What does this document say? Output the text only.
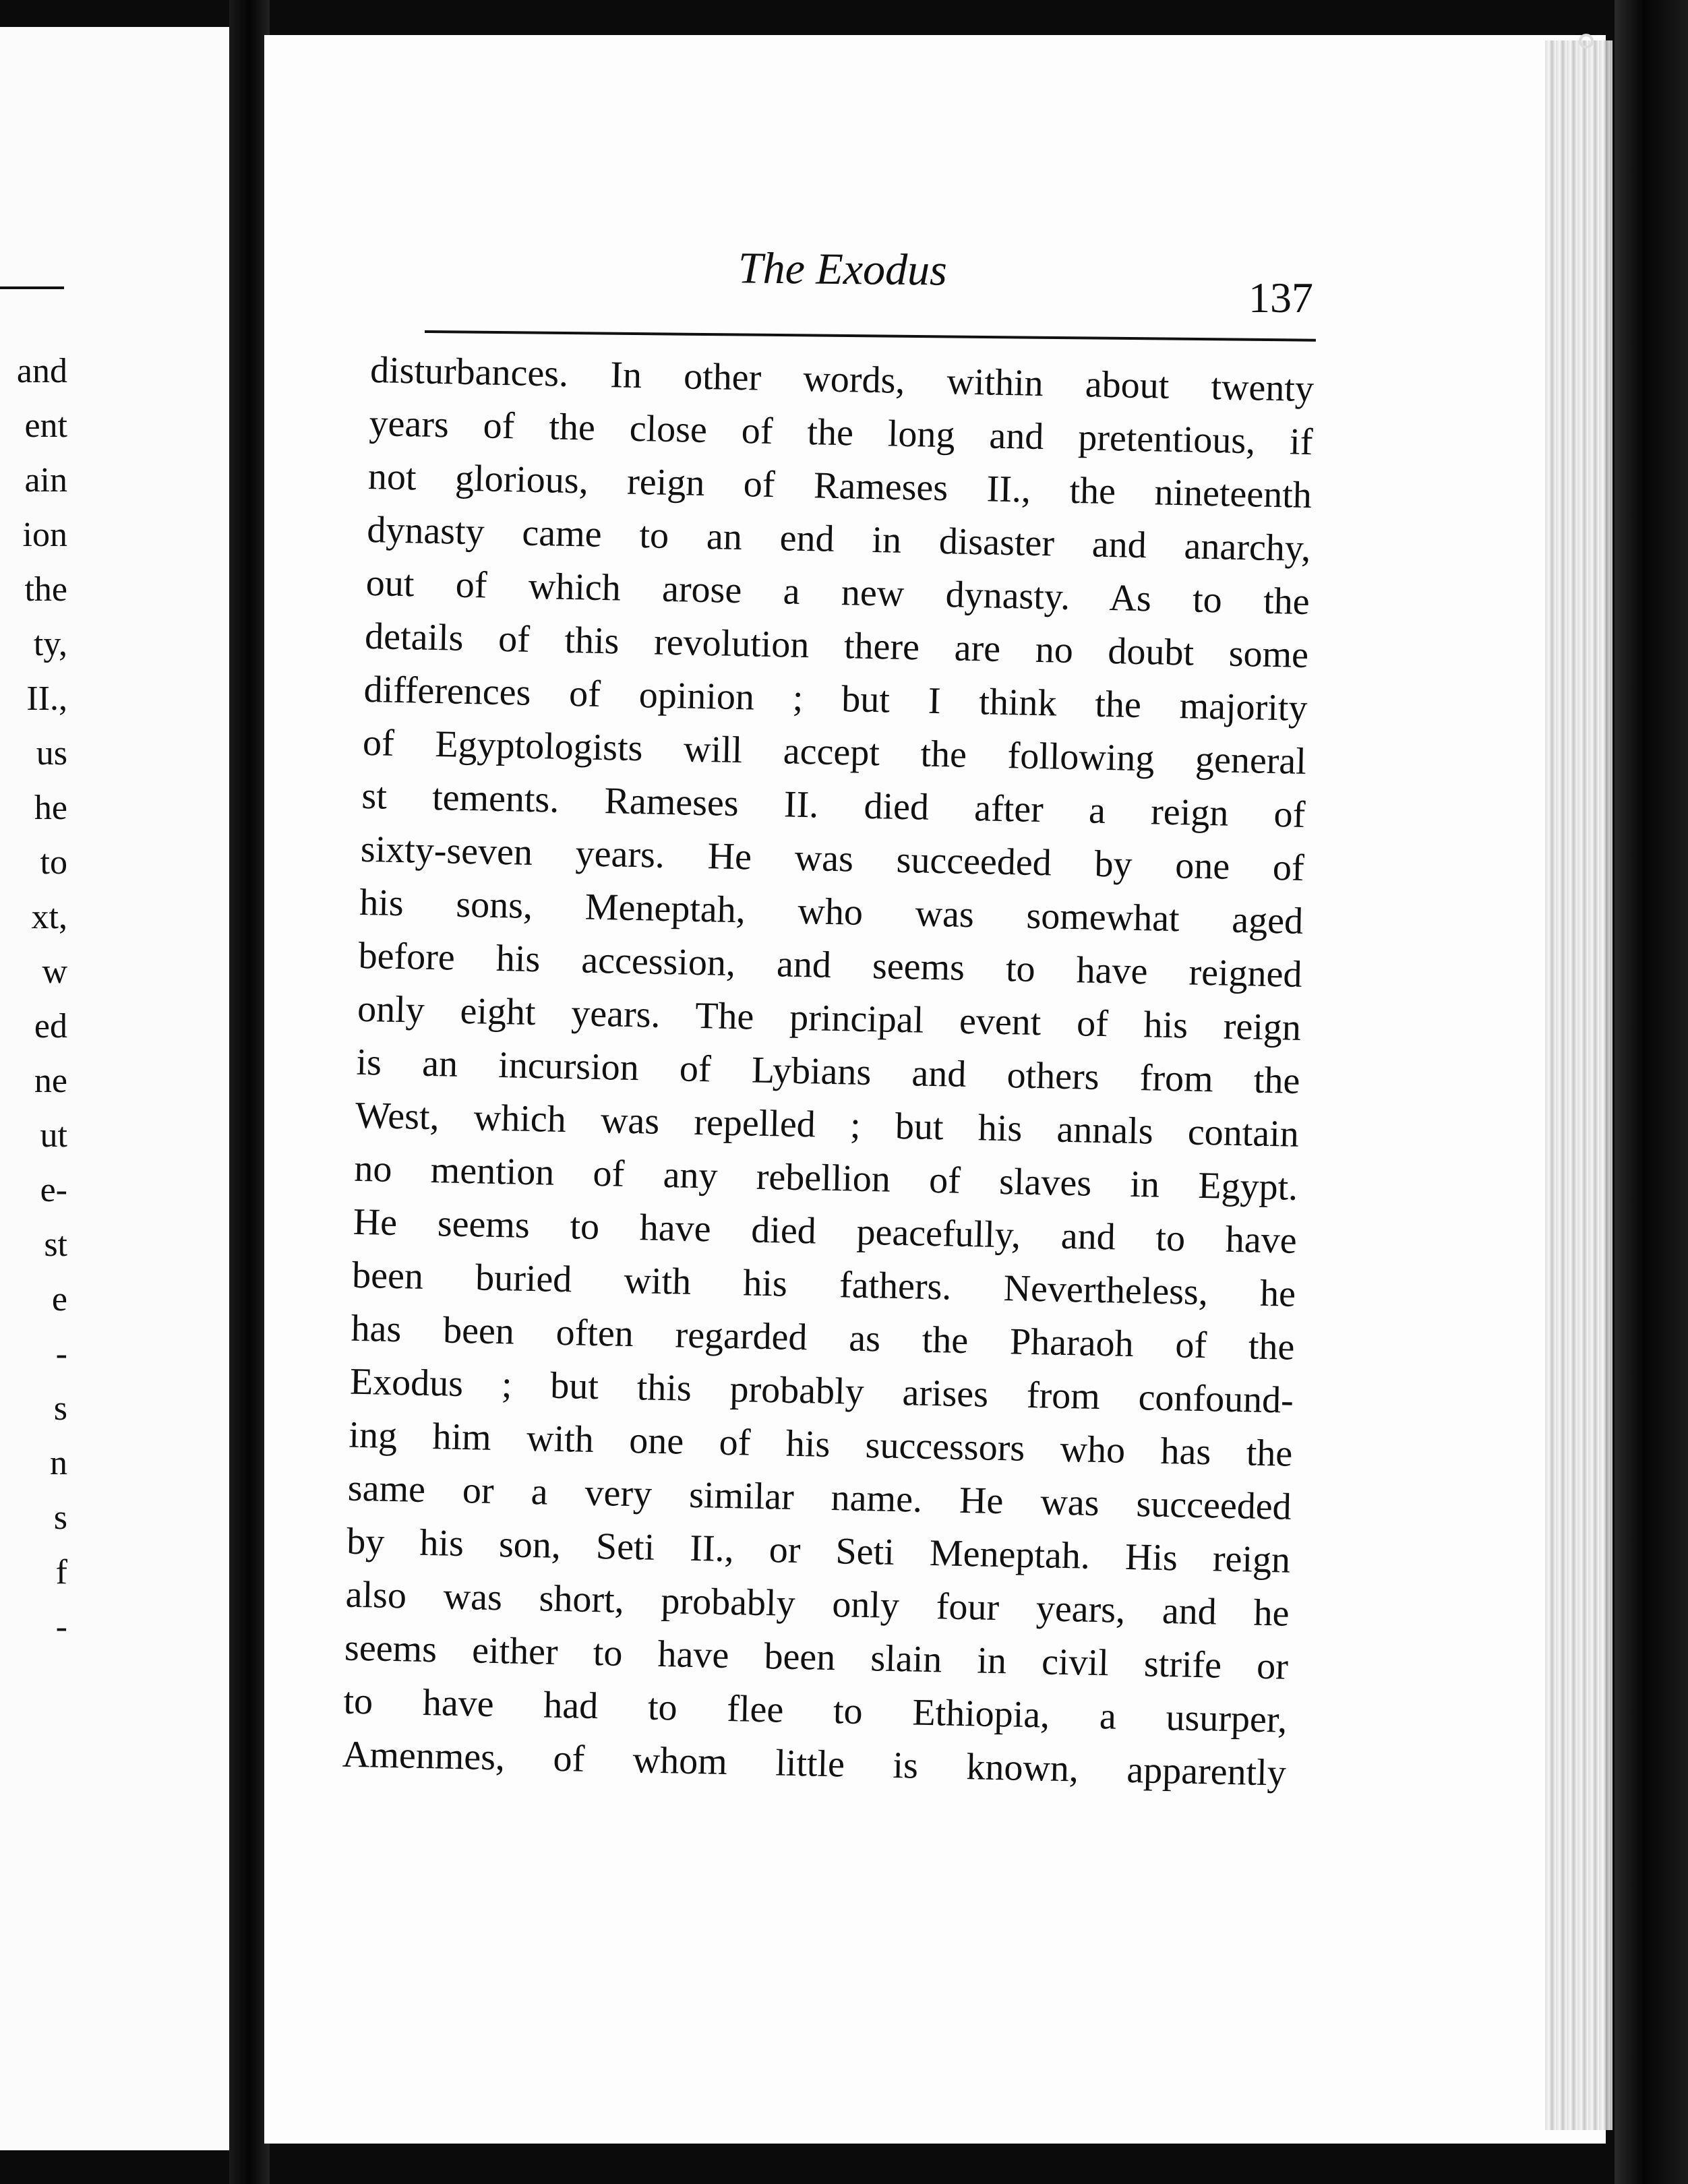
and
ent
ain
ion
the
ty,
II.,
us
he
to
xt,
w
ed
ne
ut
e-
st
e
-
s
n
s
f
-
The Exodus
137
disturbances. In other words, within about twenty
years of the close of the long and pretentious, if
not glorious, reign of Rameses II., the nineteenth
dynasty came to an end in disaster and anarchy,
out of which arose a new dynasty. As to the
details of this revolution there are no doubt some
differences of opinion ; but I think the majority
of Egyptologists will accept the following general
st tements. Rameses II. died after a reign of
sixty-seven years. He was succeeded by one of
his sons, Meneptah, who was somewhat aged
before his accession, and seems to have reigned
only eight years. The principal event of his reign
is an incursion of Lybians and others from the
West, which was repelled ; but his annals contain
no mention of any rebellion of slaves in Egypt.
He seems to have died peacefully, and to have
been buried with his fathers. Nevertheless, he
has been often regarded as the Pharaoh of the
Exodus ; but this probably arises from confound-
ing him with one of his successors who has the
same or a very similar name. He was succeeded
by his son, Seti II., or Seti Meneptah. His reign
also was short, probably only four years, and he
seems either to have been slain in civil strife or
to have had to flee to Ethiopia, a usurper,
Amenmes, of whom little is known, apparently
